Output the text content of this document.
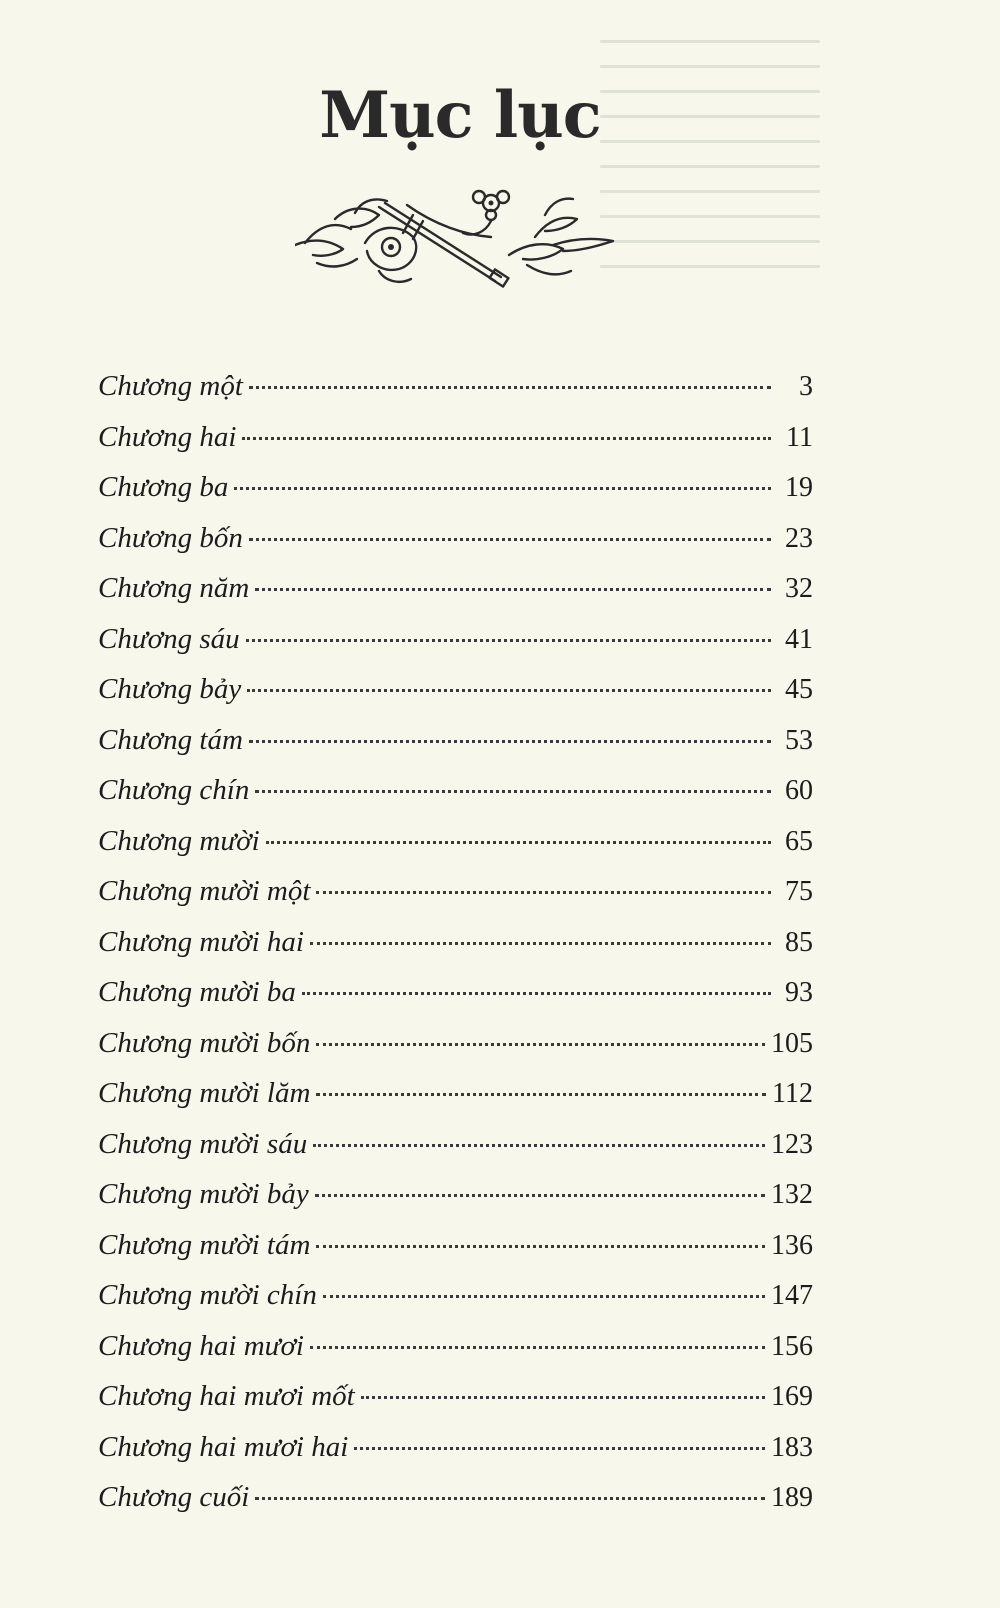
Mục lục
Chương một	3
Chương hai	11
Chương ba	19
Chương bốn	23
Chương năm	32
Chương sáu	41
Chương bảy	45
Chương tám	53
Chương chín	60
Chương mười	65
Chương mười một	75
Chương mười hai	85
Chương mười ba	93
Chương mười bốn	105
Chương mười lăm	112
Chương mười sáu	123
Chương mười bảy	132
Chương mười tám	136
Chương mười chín	147
Chương hai mươi	156
Chương hai mươi mốt	169
Chương hai mươi hai	183
Chương cuối	189
